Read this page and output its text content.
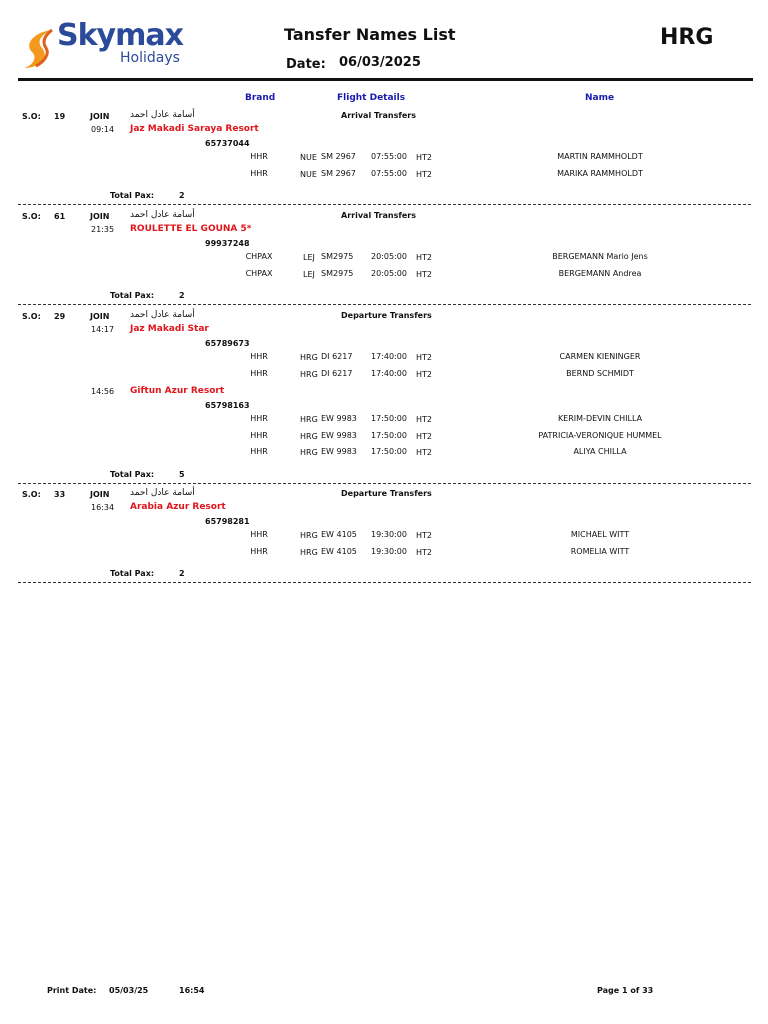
Skymax
Holidays
Tansfer Names List
Date: 06/03/2025
HRG
Brand	Flight Details	Name
S.O: 19	JOIN أسامة عادل احمد	Arrival Transfers
09:14 Jaz Makadi Saraya Resort
65737044
HHR	NUE SM 2967 07:55:00 HT2	MARTIN RAMMHOLDT
HHR	NUE SM 2967 07:55:00 HT2	MARIKA RAMMHOLDT
Total Pax:	2
S.O: 61	JOIN أسامة عادل احمد	Arrival Transfers
21:35 ROULETTE EL GOUNA 5*
99937248
CHPAX	LEJ SM2975 20:05:00 HT2	BERGEMANN Mario Jens
CHPAX	LEJ SM2975 20:05:00 HT2	BERGEMANN Andrea
Total Pax:	2
S.O: 29	JOIN أسامة عادل احمد	Departure Transfers
14:17 Jaz Makadi Star
65789673
HHR	HRG DI 6217 17:40:00 HT2	CARMEN KIENINGER
HHR	HRG DI 6217 17:40:00 HT2	BERND SCHMIDT
14:56 Giftun Azur Resort
65798163
HHR	HRG EW 9983 17:50:00 HT2	KERIM-DEVIN CHILLA
HHR	HRG EW 9983 17:50:00 HT2	PATRICIA-VERONIQUE HUMMEL
HHR	HRG EW 9983 17:50:00 HT2	ALIYA CHILLA
Total Pax:	5
S.O: 33	JOIN أسامة عادل احمد	Departure Transfers
16:34 Arabia Azur Resort
65798281
HHR	HRG EW 4105 19:30:00 HT2	MICHAEL WITT
HHR	HRG EW 4105 19:30:00 HT2	ROMELIA WITT
Total Pax:	2
Print Date: 05/03/25	16:54	Page 1 of 33
